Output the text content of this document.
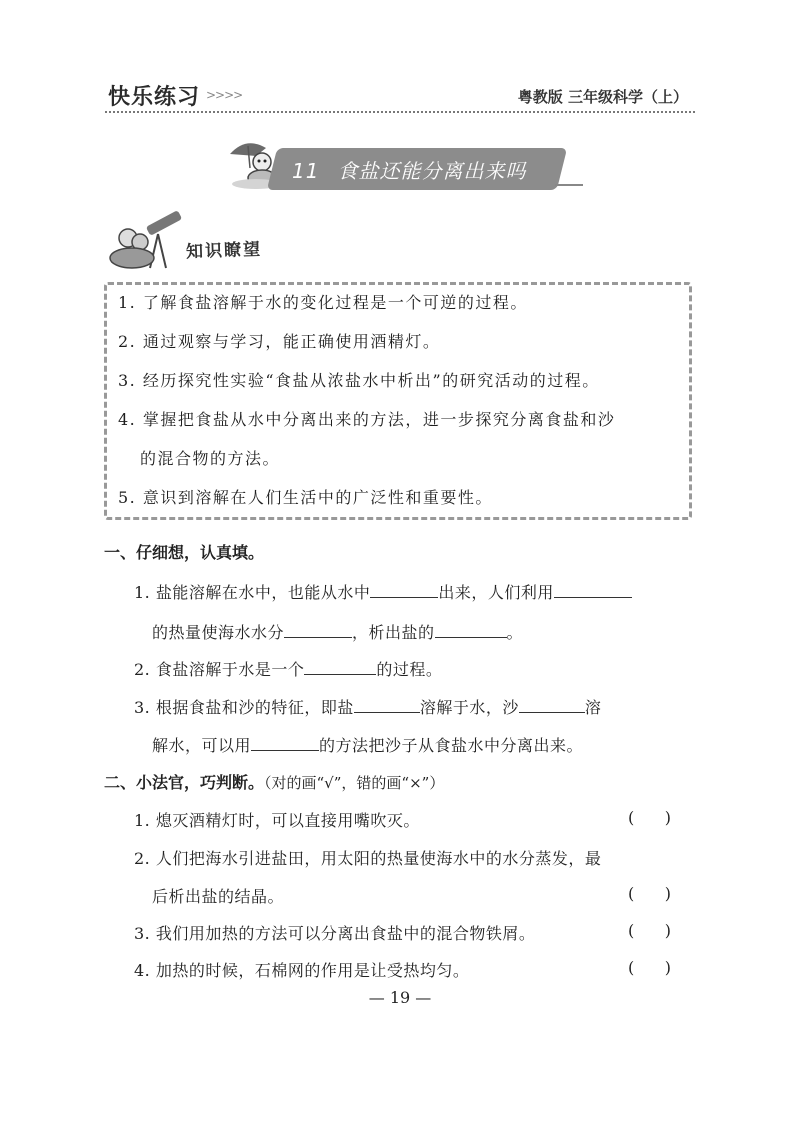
快乐练习 >>>>	粤教版 三年级科学（上）
11 食盐还能分离出来吗
知识瞭望
1. 了解食盐溶解于水的变化过程是一个可逆的过程。
2. 通过观察与学习，能正确使用酒精灯。
3. 经历探究性实验“食盐从浓盐水中析出”的研究活动的过程。
4. 掌握把食盐从水中分离出来的方法，进一步探究分离食盐和沙
的混合物的方法。
5. 意识到溶解在人们生活中的广泛性和重要性。
一、仔细想，认真填。
1. 盐能溶解在水中，也能从水中	出来，人们利用
的热量使海水水分	，析出盐的	。
2. 食盐溶解于水是一个	的过程。
3. 根据食盐和沙的特征，即盐	溶解于水，沙	溶
解水，可以用	的方法把沙子从食盐水中分离出来。
二、小法官，巧判断。（对的画“√”，错的画“×”）
1. 熄灭酒精灯时，可以直接用嘴吹灭。	(      )
2. 人们把海水引进盐田，用太阳的热量使海水中的水分蒸发，最
后析出盐的结晶。	(      )
3. 我们用加热的方法可以分离出食盐中的混合物铁屑。	(      )
4. 加热的时候，石棉网的作用是让受热均匀。	(      )
— 19 —
